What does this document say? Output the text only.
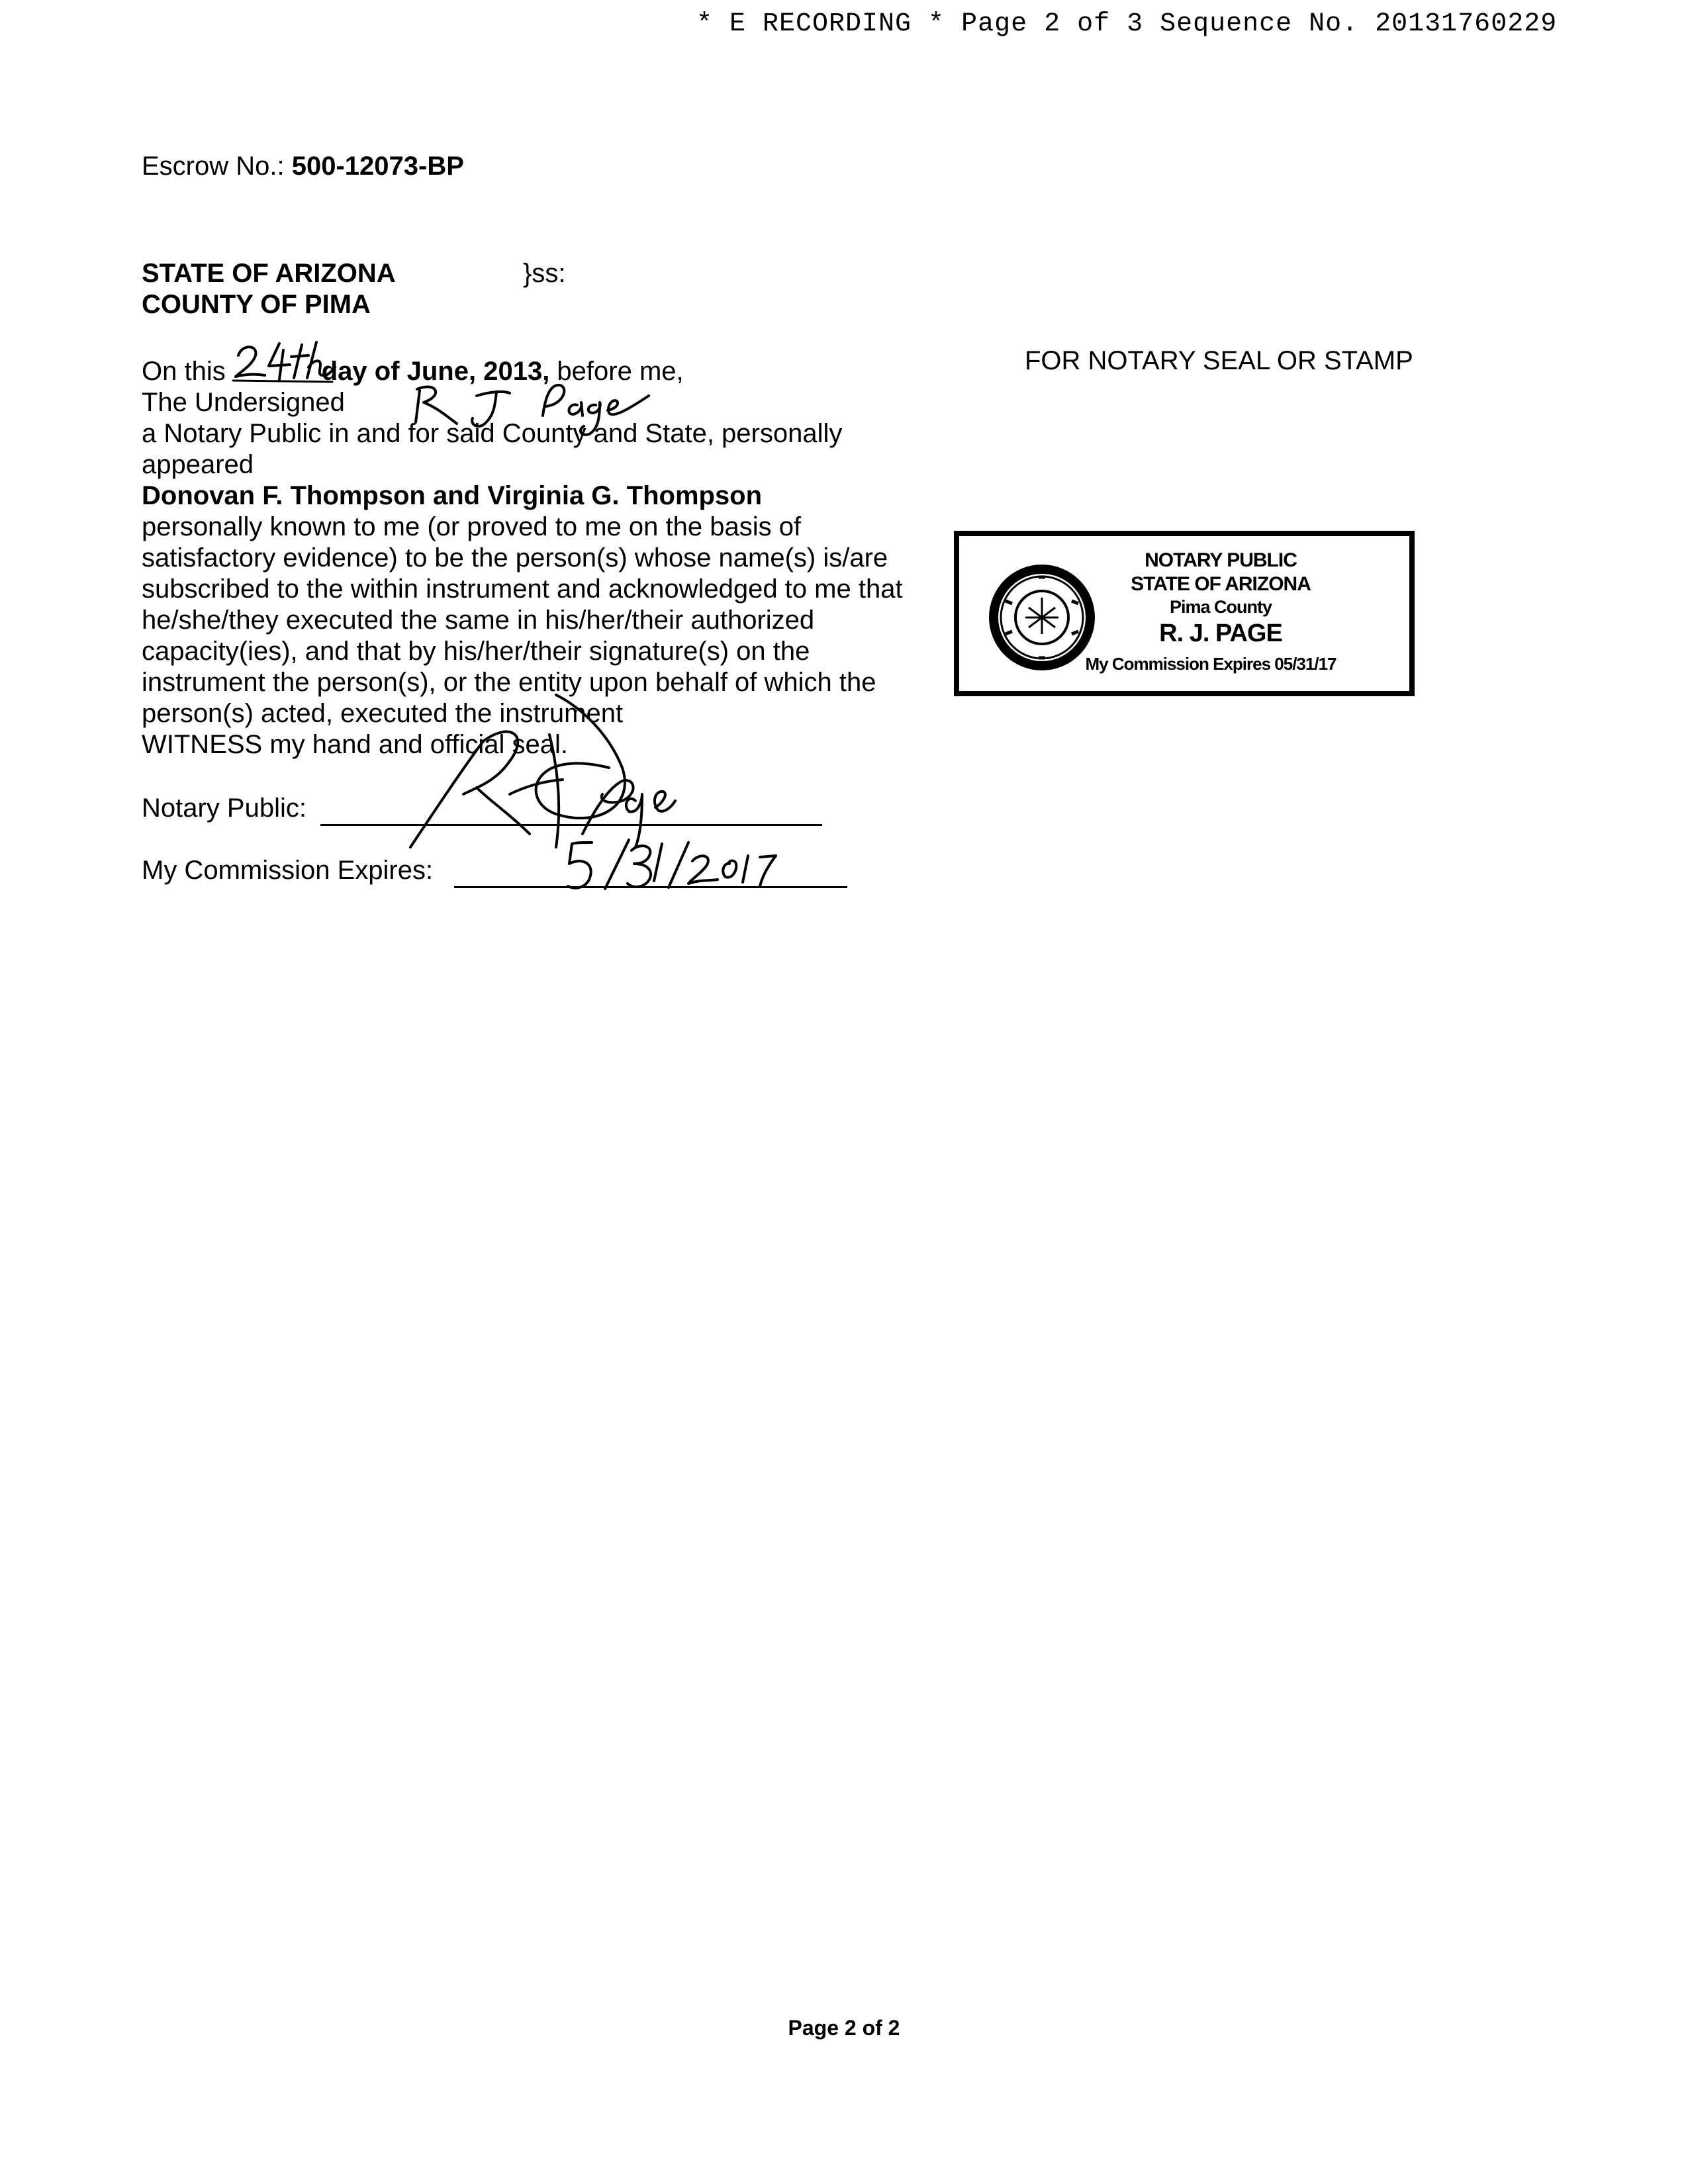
* E RECORDING * Page 2 of 3 Sequence No. 20131760229
Escrow No.: 500-12073-BP
STATE OF ARIZONA	}ss:
COUNTY OF PIMA
On this	day of June, 2013, before me,
The Undersigned
a Notary Public in and for said County and State, personally
appeared
Donovan F. Thompson and Virginia G. Thompson
personally known to me (or proved to me on the basis of
satisfactory evidence) to be the person(s) whose name(s) is/are
subscribed to the within instrument and acknowledged to me that
he/she/they executed the same in his/her/their authorized
capacity(ies), and that by his/her/their signature(s) on the
instrument the person(s), or the entity upon behalf of which the
person(s) acted, executed the instrument
WITNESS my hand and official seal.
Notary Public:
My Commission Expires:
FOR NOTARY SEAL OR STAMP
NOTARY PUBLIC
STATE OF ARIZONA
Pima County
R. J. PAGE
My Commission Expires 05/31/17
Page 2 of 2
